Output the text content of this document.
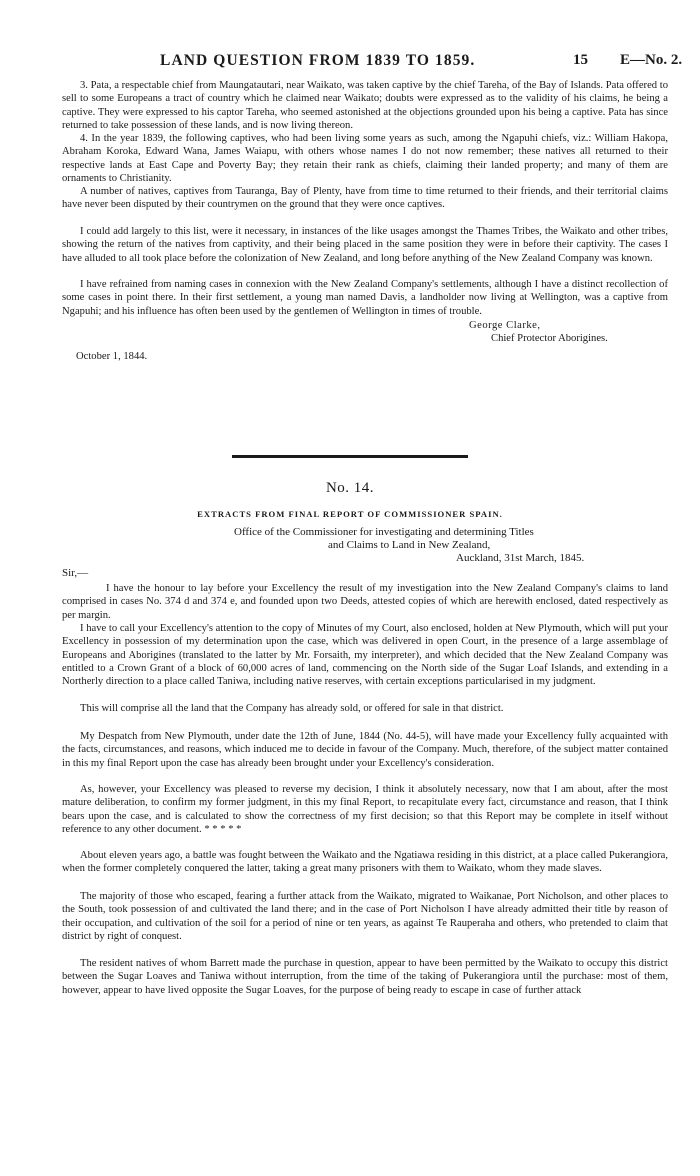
LAND QUESTION FROM 1839 TO 1859.	15 E—No. 2.

3. Pata, a respectable chief from Maungatautari, near Waikato, was taken captive by the chief Tareha, of the Bay of Islands. Pata offered to sell to some Europeans a tract of country which he claimed near Waikato; doubts were expressed as to the validity of his claims, he being a captive. They were expressed to his captor Tareha, who seemed astonished at the objections grounded upon his being a captive. Pata has since returned to take possession of these lands, and is now living thereon.

4. In the year 1839, the following captives, who had been living some years as such, among the Ngapuhi chiefs, viz.: William Hakopa, Abraham Koroka, Edward Wana, James Waiapu, with others whose names I do not now remember; these natives all returned to their respective lands at East Cape and Poverty Bay; they retain their rank as chiefs, claiming their landed property; and many of them are ornaments to Christianity.

A number of natives, captives from Tauranga, Bay of Plenty, have from time to time returned to their friends, and their territorial claims have never been disputed by their countrymen on the ground that they were once captives.

I could add largely to this list, were it necessary, in instances of the like usages amongst the Thames Tribes, the Waikato and other tribes, showing the return of the natives from captivity, and their being placed in the same position they were in before their captivity. The cases I have alluded to all took place before the colonization of New Zealand, and long before anything of the New Zealand Company was known.

I have refrained from naming cases in connexion with the New Zealand Company's settlements, although I have a distinct recollection of some cases in point there. In their first settlement, a young man named Davis, a landholder now living at Wellington, was a captive from Ngapuhi; and his influence has often been used by the gentlemen of Wellington in times of trouble.

George Clarke,
Chief Protector Aborigines.
October 1, 1844.
No. 14.
EXTRACTS FROM FINAL REPORT OF COMMISSIONER SPAIN.
Office of the Commissioner for investigating and determining Titles
and Claims to Land in New Zealand,
Auckland, 31st March, 1845.
Sir,—

I have the honour to lay before your Excellency the result of my investigation into the New Zealand Company's claims to land comprised in cases No. 374 d and 374 e, and founded upon two Deeds, attested copies of which are herewith enclosed, dated respectively as per margin.

I have to call your Excellency's attention to the copy of Minutes of my Court, also enclosed, holden at New Plymouth, which will put your Excellency in possession of my determination upon the case, which was delivered in open Court, in the presence of a large assemblage of Europeans and Aborigines (translated to the latter by Mr. Forsaith, my interpreter), and which decided that the New Zealand Company was entitled to a Crown Grant of a block of 60,000 acres of land, commencing on the North side of the Sugar Loaf Islands, and extending in a Northerly direction to a place called Taniwa, including native reserves, with certain exceptions particularised in my judgment.

This will comprise all the land that the Company has already sold, or offered for sale in that district.

My Despatch from New Plymouth, under date the 12th of June, 1844 (No. 44-5), will have made your Excellency fully acquainted with the facts, circumstances, and reasons, which induced me to decide in favour of the Company. Much, therefore, of the subject matter contained in this my final Report upon the case has already been brought under your Excellency's consideration.

As, however, your Excellency was pleased to reverse my decision, I think it absolutely necessary, now that I am about, after the most mature deliberation, to confirm my former judgment, in this my final Report, to recapitulate every fact, circumstance and reason, that I think bears upon the case, and is calculated to show the correctness of my first decision; so that this Report may be complete in itself without reference to any other document. * * * * *

About eleven years ago, a battle was fought between the Waikato and the Ngatiawa residing in this district, at a place called Pukerangiora, when the former completely conquered the latter, taking a great many prisoners with them to Waikato, whom they made slaves.

The majority of those who escaped, fearing a further attack from the Waikato, migrated to Waikanae, Port Nicholson, and other places to the South, took possession of and cultivated the land there; and in the case of Port Nicholson I have already admitted their title by reason of their occupation, and cultivation of the soil for a period of nine or ten years, as against Te Rauperaha and others, who pretended to claim that district by right of conquest.

The resident natives of whom Barrett made the purchase in question, appear to have been permitted by the Waikato to occupy this district between the Sugar Loaves and Taniwa without interruption, from the time of the taking of Pukerangiora until the purchase: most of them, however, appear to have lived opposite the Sugar Loaves, for the purpose of being ready to escape in case of further attack
